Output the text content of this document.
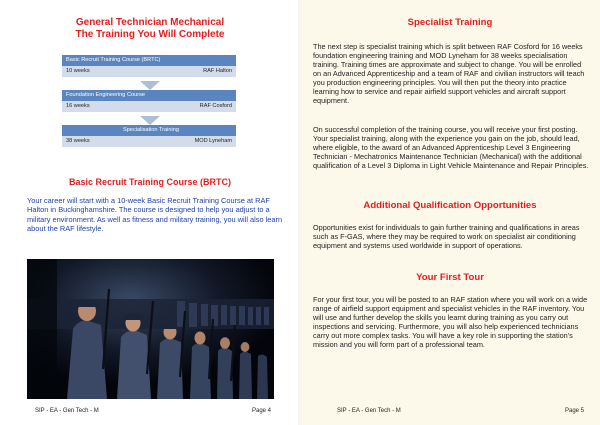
General Technician Mechanical
The Training You Will Complete
Basic Recruit Training Course (BRTC)
10 weeks	RAF Halton
Foundation Engineering Course
16 weeks	RAF Cosford
Specialisation Training
38 weeks	MOD Lyneham
Basic Recruit Training Course (BRTC)

Your career will start with a 10-week Basic Recruit Training Course at RAF Halton in Buckinghamshire. The course is designed to help you adjust to a military environment. As well as fitness and military training, you will also learn about the RAF lifestyle.

SIP - EA - Gen Tech - M	Page 4
Specialist Training

The next step is specialist training which is split between RAF Cosford for 16 weeks foundation engineering training and MOD Lyneham for 38 weeks specialisation training. Training times are approximate and subject to change. You will be enrolled on an Advanced Apprenticeship and a team of RAF and civilian instructors will teach you production engineering principles. You will then put the theory into practice learning how to service and repair airfield support vehicles and aircraft support equipment.

On successful completion of the training course, you will receive your first posting. Your specialist training, along with the experience you gain on the job, should lead, where eligible, to the award of an Advanced Apprenticeship Level 3 Engineering Technician - Mechatronics Maintenance Technician (Mechanical) with the additional qualification of a Level 3 Diploma in Light Vehicle Maintenance and Repair Principles.

Additional Qualification Opportunities

Opportunities exist for individuals to gain further training and qualifications in areas such as F-GAS, where they may be required to work on specialist air conditioning equipment and systems used worldwide in support of operations.

Your First Tour

For your first tour, you will be posted to an RAF station where you will work on a wide range of airfield support equipment and specialist vehicles in the RAF inventory. You will use and further develop the skills you learnt during training as you carry out inspections and servicing. Furthermore, you will also help experienced technicians carry out more complex tasks. You will have a key role in supporting the station's mission and you will form part of a professional team.

SIP - EA - Gen Tech - M	Page 5
